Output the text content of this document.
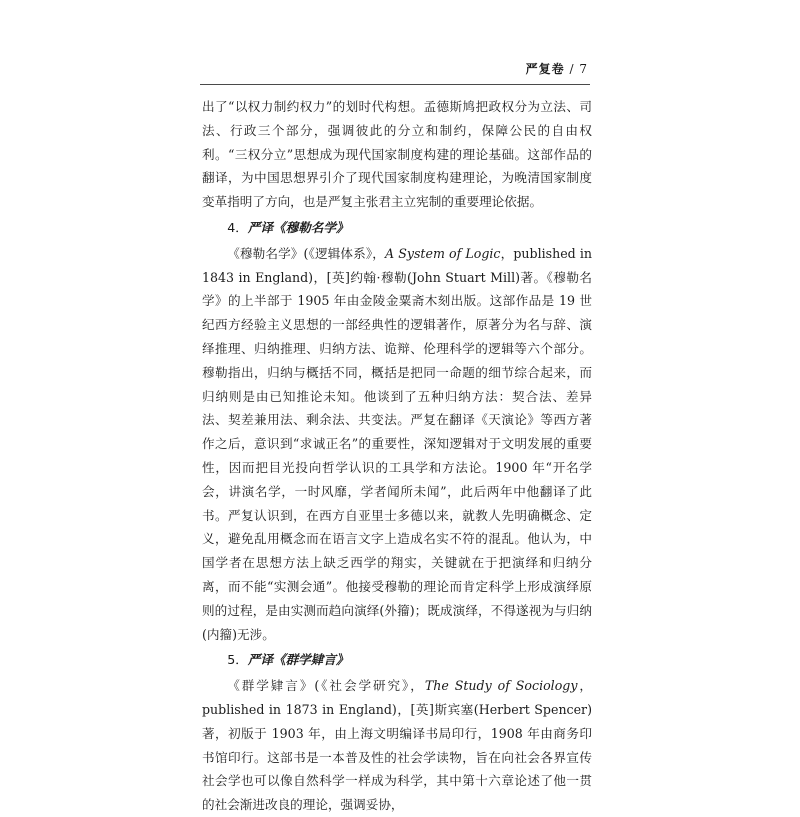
严复卷 / 7

出了“以权力制约权力”的划时代构想。孟德斯鸠把政权分为立法、司法、行政三个部分，强调彼此的分立和制约，保障公民的自由权利。“三权分立”思想成为现代国家制度构建的理论基础。这部作品的翻译，为中国思想界引介了现代国家制度构建理论，为晚清国家制度变革指明了方向，也是严复主张君主立宪制的重要理论依据。

4．严译《穆勒名学》

《穆勒名学》(《逻辑体系》，A System of Logic，published in 1843 in England)，[英]约翰·穆勒(John Stuart Mill)著。《穆勒名学》的上半部于 1905 年由金陵金粟斋木刻出版。这部作品是 19 世纪西方经验主义思想的一部经典性的逻辑著作，原著分为名与辞、演绎推理、归纳推理、归纳方法、诡辩、伦理科学的逻辑等六个部分。穆勒指出，归纳与概括不同，概括是把同一命题的细节综合起来，而归纳则是由已知推论未知。他谈到了五种归纳方法：契合法、差异法、契差兼用法、剩余法、共变法。严复在翻译《天演论》等西方著作之后，意识到“求诚正名”的重要性，深知逻辑对于文明发展的重要性，因而把目光投向哲学认识的工具学和方法论。1900 年“开名学会，讲演名学，一时风靡，学者闻所未闻”，此后两年中他翻译了此书。严复认识到，在西方自亚里士多德以来，就教人先明确概念、定义，避免乱用概念而在语言文字上造成名实不符的混乱。他认为，中国学者在思想方法上缺乏西学的翔实，关键就在于把演绎和归纳分离，而不能“实测会通”。他接受穆勒的理论而肯定科学上形成演绎原则的过程，是由实测而趋向演绎(外籀)；既成演绎，不得遂视为与归纳(内籀)无涉。

5．严译《群学肄言》

《群学肄言》(《社会学研究》，The Study of Sociology，published in 1873 in England)，[英]斯宾塞(Herbert Spencer)著，初版于 1903 年，由上海文明编译书局印行，1908 年由商务印书馆印行。这部书是一本普及性的社会学读物，旨在向社会各界宣传社会学也可以像自然科学一样成为科学，其中第十六章论述了他一贯的社会渐进改良的理论，强调妥协，
